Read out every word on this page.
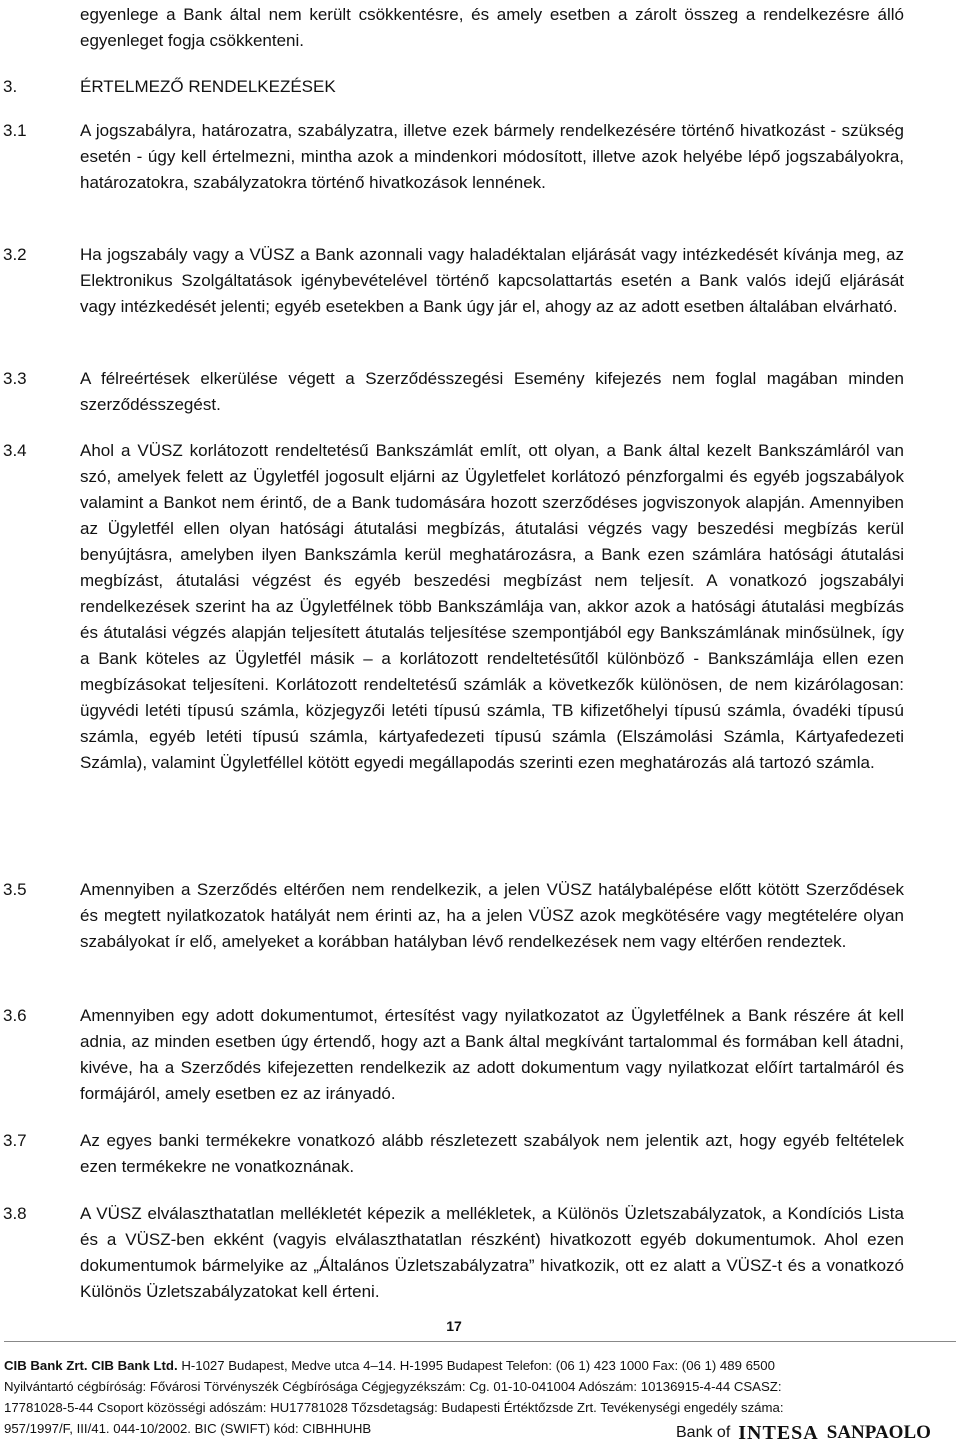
egyenlege a Bank által nem került csökkentésre, és amely esetben a zárolt összeg a rendelkezésre álló egyenleget fogja csökkenteni.

3.	ÉRTELMEZŐ RENDELKEZÉSEK

3.1	A jogszabályra, határozatra, szabályzatra, illetve ezek bármely rendelkezésére történő hivatkozást - szükség esetén - úgy kell értelmezni, mintha azok a mindenkori módosított, illetve azok helyébe lépő jogszabályokra, határozatokra, szabályzatokra történő hivatkozások lennének.

3.2	Ha jogszabály vagy a VÜSZ a Bank azonnali vagy haladéktalan eljárását vagy intézkedését kívánja meg, az Elektronikus Szolgáltatások igénybevételével történő kapcsolattartás esetén a Bank valós idejű eljárását vagy intézkedését jelenti; egyéb esetekben a Bank úgy jár el, ahogy az az adott esetben általában elvárható.

3.3	A félreértések elkerülése végett a Szerződésszegési Esemény kifejezés nem foglal magában minden szerződésszegést.

3.4	Ahol a VÜSZ korlátozott rendeltetésű Bankszámlát említ, ott olyan, a Bank által kezelt Bankszámláról van szó, amelyek felett az Ügyletfél jogosult eljárni az Ügyletfelet korlátozó pénzforgalmi és egyéb jogszabályok valamint a Bankot nem érintő, de a Bank tudomására hozott szerződéses jogviszonyok alapján. Amennyiben az Ügyletfél ellen olyan hatósági átutalási megbízás, átutalási végzés vagy beszedési megbízás kerül benyújtásra, amelyben ilyen Bankszámla kerül meghatározásra, a Bank ezen számlára hatósági átutalási megbízást, átutalási végzést és egyéb beszedési megbízást nem teljesít. A vonatkozó jogszabályi rendelkezések szerint ha az Ügyletfélnek több Bankszámlája van, akkor azok a hatósági átutalási megbízás és átutalási végzés alapján teljesített átutalás teljesítése szempontjából egy Bankszámlának minősülnek, így a Bank köteles az Ügyletfél másik – a korlátozott rendeltetésűtől különböző - Bankszámlája ellen ezen megbízásokat teljesíteni. Korlátozott rendeltetésű számlák a következők különösen, de nem kizárólagosan: ügyvédi letéti típusú számla, közjegyzői letéti típusú számla, TB kifizetőhelyi típusú számla, óvadéki típusú számla, egyéb letéti típusú számla, kártyafedezeti típusú számla (Elszámolási Számla, Kártyafedezeti Számla), valamint Ügyletféllel kötött egyedi megállapodás szerinti ezen meghatározás alá tartozó számla.

3.5	Amennyiben a Szerződés eltérően nem rendelkezik, a jelen VÜSZ hatálybalépése előtt kötött Szerződések és megtett nyilatkozatok hatályát nem érinti az, ha a jelen VÜSZ azok megkötésére vagy megtételére olyan szabályokat ír elő, amelyeket a korábban hatályban lévő rendelkezések nem vagy eltérően rendeztek.

3.6	Amennyiben egy adott dokumentumot, értesítést vagy nyilatkozatot az Ügyletfélnek a Bank részére át kell adnia, az minden esetben úgy értendő, hogy azt a Bank által megkívánt tartalommal és formában kell átadni, kivéve, ha a Szerződés kifejezetten rendelkezik az adott dokumentum vagy nyilatkozat előírt tartalmáról és formájáról, amely esetben ez az irányadó.

3.7	Az egyes banki termékekre vonatkozó alább részletezett szabályok nem jelentik azt, hogy egyéb feltételek ezen termékekre ne vonatkoznának.

3.8	A VÜSZ elválaszthatatlan mellékletét képezik a mellékletek, a Különös Üzletszabályzatok, a Kondíciós Lista és a VÜSZ-ben ekként (vagyis elválaszthatatlan részként) hivatkozott egyéb dokumentumok. Ahol ezen dokumentumok bármelyike az „Általános Üzletszabályzatra” hivatkozik, ott ez alatt a VÜSZ-t és a vonatkozó Különös Üzletszabályzatokat kell érteni.

17
CIB Bank Zrt. CIB Bank Ltd. H-1027 Budapest, Medve utca 4–14. H-1995 Budapest Telefon: (06 1) 423 1000 Fax: (06 1) 489 6500
Nyilvántartó cégbíróság: Fővárosi Törvényszék Cégbírósága Cégjegyzékszám: Cg. 01-10-041004 Adószám: 10136915-4-44 CSASZ:
17781028-5-44 Csoport közösségi adószám: HU17781028 Tőzsdetagság: Budapesti Értéktőzsde Zrt. Tevékenységi engedély száma:
957/1997/F, III/41. 044-10/2002. BIC (SWIFT) kód: CIBHHUHB	Bank of INTESA SANPAOLO
